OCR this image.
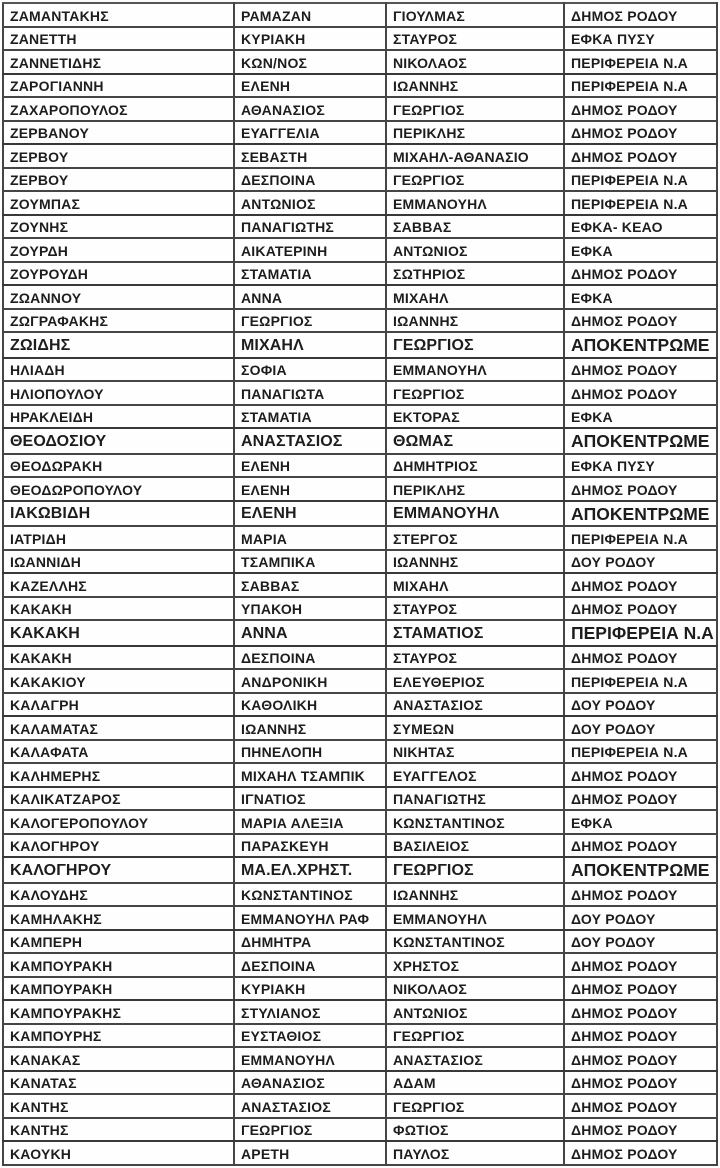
ΖΑΜΑΝΤΑΚΗΣ	ΡΑΜΑΖΑΝ	ΓΙΟΥΛΜΑΣ	ΔΗΜΟΣ ΡΟΔΟΥ
ΖΑΝΕΤΤΗ	ΚΥΡΙΑΚΗ	ΣΤΑΥΡΟΣ	ΕΦΚΑ ΠΥΣΥ
ΖΑΝΝΕΤΙΔΗΣ	ΚΩΝ/ΝΟΣ	ΝΙΚΟΛΑΟΣ	ΠΕΡΙΦΕΡΕΙΑ Ν.Α
ΖΑΡΟΓΙΑΝΝΗ	ΕΛΕΝΗ	ΙΩΑΝΝΗΣ	ΠΕΡΙΦΕΡΕΙΑ Ν.Α
ΖΑΧΑΡΟΠΟΥΛΟΣ	ΑΘΑΝΑΣΙΟΣ	ΓΕΩΡΓΙΟΣ	ΔΗΜΟΣ ΡΟΔΟΥ
ΖΕΡΒΑΝΟΥ	ΕΥΑΓΓΕΛΙΑ	ΠΕΡΙΚΛΗΣ	ΔΗΜΟΣ ΡΟΔΟΥ
ΖΕΡΒΟΥ	ΣΕΒΑΣΤΗ	ΜΙΧΑΗΛ-ΑΘΑΝΑΣΙΟ	ΔΗΜΟΣ ΡΟΔΟΥ
ΖΕΡΒΟΥ	ΔΕΣΠΟΙΝΑ	ΓΕΩΡΓΙΟΣ	ΠΕΡΙΦΕΡΕΙΑ Ν.Α
ΖΟΥΜΠΑΣ	ΑΝΤΩΝΙΟΣ	ΕΜΜΑΝΟΥΗΛ	ΠΕΡΙΦΕΡΕΙΑ Ν.Α
ΖΟΥΝΗΣ	ΠΑΝΑΓΙΩΤΗΣ	ΣΑΒΒΑΣ	ΕΦΚΑ- ΚΕΑΟ
ΖΟΥΡΔΗ	ΑΙΚΑΤΕΡΙΝΗ	ΑΝΤΩΝΙΟΣ	ΕΦΚΑ
ΖΟΥΡΟΥΔΗ	ΣΤΑΜΑΤΙΑ	ΣΩΤΗΡΙΟΣ	ΔΗΜΟΣ ΡΟΔΟΥ
ΖΩΑΝΝΟΥ	ΑΝΝΑ	ΜΙΧΑΗΛ	ΕΦΚΑ
ΖΩΓΡΑΦΑΚΗΣ	ΓΕΩΡΓΙΟΣ	ΙΩΑΝΝΗΣ	ΔΗΜΟΣ ΡΟΔΟΥ
ΖΩΙΔΗΣ	ΜΙΧΑΗΛ	ΓΕΩΡΓΙΟΣ	ΑΠΟΚΕΝΤΡΩΜΕ
ΗΛΙΑΔΗ	ΣΟΦΙΑ	ΕΜΜΑΝΟΥΗΛ	ΔΗΜΟΣ ΡΟΔΟΥ
ΗΛΙΟΠΟΥΛΟΥ	ΠΑΝΑΓΙΩΤΑ	ΓΕΩΡΓΙΟΣ	ΔΗΜΟΣ ΡΟΔΟΥ
ΗΡΑΚΛΕΙΔΗ	ΣΤΑΜΑΤΙΑ	ΕΚΤΟΡΑΣ	ΕΦΚΑ
ΘΕΟΔΟΣΙΟΥ	ΑΝΑΣΤΑΣΙΟΣ	ΘΩΜΑΣ	ΑΠΟΚΕΝΤΡΩΜΕ
ΘΕΟΔΩΡΑΚΗ	ΕΛΕΝΗ	ΔΗΜΗΤΡΙΟΣ	ΕΦΚΑ ΠΥΣΥ
ΘΕΟΔΩΡΟΠΟΥΛΟΥ	ΕΛΕΝΗ	ΠΕΡΙΚΛΗΣ	ΔΗΜΟΣ ΡΟΔΟΥ
ΙΑΚΩΒΙΔΗ	ΕΛΕΝΗ	ΕΜΜΑΝΟΥΗΛ	ΑΠΟΚΕΝΤΡΩΜΕ
ΙΑΤΡΙΔΗ	ΜΑΡΙΑ	ΣΤΕΡΓΟΣ	ΠΕΡΙΦΕΡΕΙΑ Ν.Α
ΙΩΑΝΝΙΔΗ	ΤΣΑΜΠΙΚΑ	ΙΩΑΝΝΗΣ	ΔΟΥ ΡΟΔΟΥ
ΚΑΖΕΛΛΗΣ	ΣΑΒΒΑΣ	ΜΙΧΑΗΛ	ΔΗΜΟΣ ΡΟΔΟΥ
ΚΑΚΑΚΗ	ΥΠΑΚΟΗ	ΣΤΑΥΡΟΣ	ΔΗΜΟΣ ΡΟΔΟΥ
ΚΑΚΑΚΗ	ΑΝΝΑ	ΣΤΑΜΑΤΙΟΣ	ΠΕΡΙΦΕΡΕΙΑ Ν.Α
ΚΑΚΑΚΗ	ΔΕΣΠΟΙΝΑ	ΣΤΑΥΡΟΣ	ΔΗΜΟΣ ΡΟΔΟΥ
ΚΑΚΑΚΙΟΥ	ΑΝΔΡΟΝΙΚΗ	ΕΛΕΥΘΕΡΙΟΣ	ΠΕΡΙΦΕΡΕΙΑ Ν.Α
ΚΑΛΑΓΡΗ	ΚΑΘΟΛΙΚΗ	ΑΝΑΣΤΑΣΙΟΣ	ΔΟΥ ΡΟΔΟΥ
ΚΑΛΑΜΑΤΑΣ	ΙΩΑΝΝΗΣ	ΣΥΜΕΩΝ	ΔΟΥ ΡΟΔΟΥ
ΚΑΛΑΦΑΤΑ	ΠΗΝΕΛΟΠΗ	ΝΙΚΗΤΑΣ	ΠΕΡΙΦΕΡΕΙΑ Ν.Α
ΚΑΛΗΜΕΡΗΣ	ΜΙΧΑΗΛ ΤΣΑΜΠΙΚ	ΕΥΑΓΓΕΛΟΣ	ΔΗΜΟΣ ΡΟΔΟΥ
ΚΑΛΙΚΑΤΖΑΡΟΣ	ΙΓΝΑΤΙΟΣ	ΠΑΝΑΓΙΩΤΗΣ	ΔΗΜΟΣ ΡΟΔΟΥ
ΚΑΛΟΓΕΡΟΠΟΥΛΟΥ	ΜΑΡΙΑ ΑΛΕΞΙΑ	ΚΩΝΣΤΑΝΤΙΝΟΣ	ΕΦΚΑ
ΚΑΛΟΓΗΡΟΥ	ΠΑΡΑΣΚΕΥΗ	ΒΑΣΙΛΕΙΟΣ	ΔΗΜΟΣ ΡΟΔΟΥ
ΚΑΛΟΓΗΡΟΥ	ΜΑ.ΕΛ.ΧΡΗΣΤ.	ΓΕΩΡΓΙΟΣ	ΑΠΟΚΕΝΤΡΩΜΕ
ΚΑΛΟΥΔΗΣ	ΚΩΝΣΤΑΝΤΙΝΟΣ	ΙΩΑΝΝΗΣ	ΔΗΜΟΣ ΡΟΔΟΥ
ΚΑΜΗΛΑΚΗΣ	ΕΜΜΑΝΟΥΗΛ ΡΑΦ	ΕΜΜΑΝΟΥΗΛ	ΔΟΥ ΡΟΔΟΥ
ΚΑΜΠΕΡΗ	ΔΗΜΗΤΡΑ	ΚΩΝΣΤΑΝΤΙΝΟΣ	ΔΟΥ ΡΟΔΟΥ
ΚΑΜΠΟΥΡΑΚΗ	ΔΕΣΠΟΙΝΑ	ΧΡΗΣΤΟΣ	ΔΗΜΟΣ ΡΟΔΟΥ
ΚΑΜΠΟΥΡΑΚΗ	ΚΥΡΙΑΚΗ	ΝΙΚΟΛΑΟΣ	ΔΗΜΟΣ ΡΟΔΟΥ
ΚΑΜΠΟΥΡΑΚΗΣ	ΣΤΥΛΙΑΝΟΣ	ΑΝΤΩΝΙΟΣ	ΔΗΜΟΣ ΡΟΔΟΥ
ΚΑΜΠΟΥΡΗΣ	ΕΥΣΤΑΘΙΟΣ	ΓΕΩΡΓΙΟΣ	ΔΗΜΟΣ ΡΟΔΟΥ
ΚΑΝΑΚΑΣ	ΕΜΜΑΝΟΥΗΛ	ΑΝΑΣΤΑΣΙΟΣ	ΔΗΜΟΣ ΡΟΔΟΥ
ΚΑΝΑΤΑΣ	ΑΘΑΝΑΣΙΟΣ	ΑΔΑΜ	ΔΗΜΟΣ ΡΟΔΟΥ
ΚΑΝΤΗΣ	ΑΝΑΣΤΑΣΙΟΣ	ΓΕΩΡΓΙΟΣ	ΔΗΜΟΣ ΡΟΔΟΥ
ΚΑΝΤΗΣ	ΓΕΩΡΓΙΟΣ	ΦΩΤΙΟΣ	ΔΗΜΟΣ ΡΟΔΟΥ
ΚΑΟΥΚΗ	ΑΡΕΤΗ	ΠΑΥΛΟΣ	ΔΗΜΟΣ ΡΟΔΟΥ
